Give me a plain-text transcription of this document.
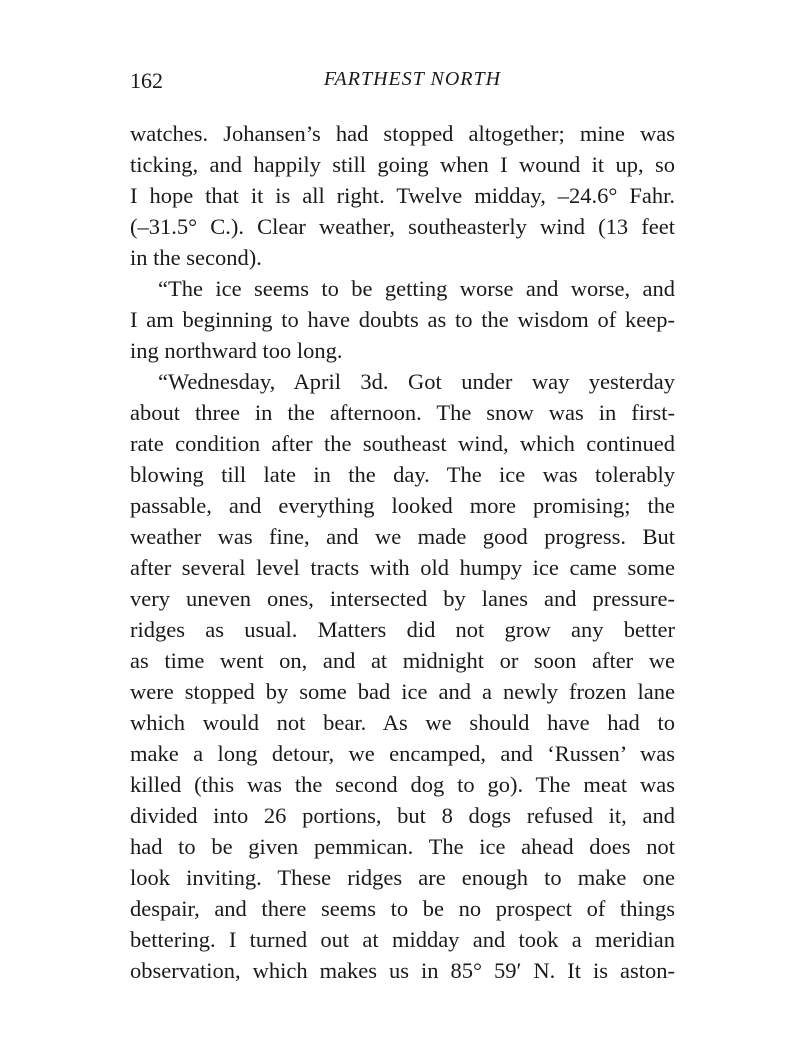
162	FARTHEST NORTH
watches. Johansen’s had stopped altogether; mine was
ticking, and happily still going when I wound it up, so
I hope that it is all right. Twelve midday, –24.6° Fahr.
(–31.5° C.). Clear weather, southeasterly wind (13 feet
in the second).
“The ice seems to be getting worse and worse, and
I am beginning to have doubts as to the wisdom of keep-
ing northward too long.
“Wednesday, April 3d. Got under way yesterday
about three in the afternoon. The snow was in first-
rate condition after the southeast wind, which continued
blowing till late in the day. The ice was tolerably
passable, and everything looked more promising; the
weather was fine, and we made good progress. But
after several level tracts with old humpy ice came some
very uneven ones, intersected by lanes and pressure-
ridges as usual. Matters did not grow any better
as time went on, and at midnight or soon after we
were stopped by some bad ice and a newly frozen lane
which would not bear. As we should have had to
make a long detour, we encamped, and ‘Russen’ was
killed (this was the second dog to go). The meat was
divided into 26 portions, but 8 dogs refused it, and
had to be given pemmican. The ice ahead does not
look inviting. These ridges are enough to make one
despair, and there seems to be no prospect of things
bettering. I turned out at midday and took a meridian
observation, which makes us in 85° 59′ N. It is aston-
